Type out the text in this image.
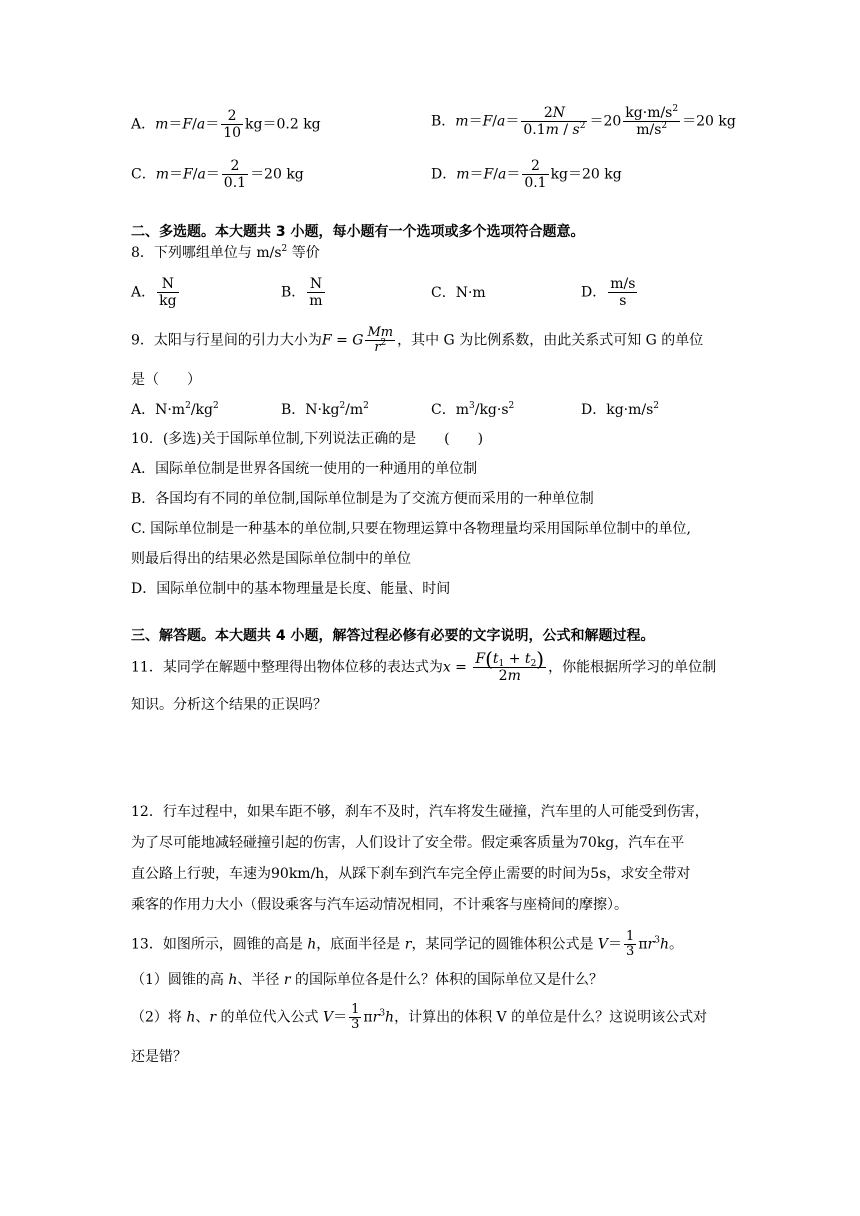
A．$m=F/a= \frac{2}{10} kg=0.2$ kg	B．$m=F/a= \frac{2N}{0.1m / s^2} =20 \frac{kg\cdot m/s^2}{m/s^2} =20$ kg
C．$m=F/a= \frac{2}{0.1} =20$ kg	D．$m=F/a= \frac{2}{0.1} kg=20$ kg
二、多选题。本大题共 3 小题，每小题有一个选项或多个选项符合题意。
8．下列哪组单位与 $m/s^2$ 等价
A． $\frac{N}{kg}$	B． $\frac{N}{m}$	C．N·m	D． $\frac{m/s}{s}$
9．太阳与行星间的引力大小为F = G $\frac{Mm}{r^2}$ ，其中 G 为比例系数，由此关系式可知 G 的单位
是（　　）
A．$N\cdot m^2/kg^2$	B．$N\cdot kg^2/m^2$	C．$m^3/kg\cdot s^2$	D．$kg\cdot m/s^2$
10．(多选)关于国际单位制,下列说法正确的是　　(　　)
A．国际单位制是世界各国统一使用的一种通用的单位制
B．各国均有不同的单位制,国际单位制是为了交流方便而采用的一种单位制
C. 国际单位制是一种基本的单位制,只要在物理运算中各物理量均采用国际单位制中的单位,
则最后得出的结果必然是国际单位制中的单位
D．国际单位制中的基本物理量是长度、能量、时间
三、解答题。本大题共 4 小题，解答过程必修有必要的文字说明，公式和解题过程。
11．某同学在解题中整理得出物体位移的表达式为$x = \frac{F(t_1 + t_2)}{2m}$ ，你能根据所学习的单位制
知识。分析这个结果的正误吗？
12．行车过程中，如果车距不够，刹车不及时，汽车将发生碰撞，汽车里的人可能受到伤害，
为了尽可能地减轻碰撞引起的伤害，人们设计了安全带。假定乘客质量为70kg，汽车在平
直公路上行驶，车速为90km/h，从踩下刹车到汽车完全停止需要的时间为5s，求安全带对
乘客的作用力大小（假设乘客与汽车运动情况相同，不计乘客与座椅间的摩擦）。
13．如图所示，圆锥的高是 h，底面半径是 r，某同学记的圆锥体积公式是 $V= \frac{1}{3} \pi r^3h$。
（1）圆锥的高 h、半径 r 的国际单位各是什么？体积的国际单位又是什么？
（2）将 h、r 的单位代入公式 $V= \frac{1}{3} \pi r^3h$，计算出的体积 V 的单位是什么？这说明该公式对
还是错？
